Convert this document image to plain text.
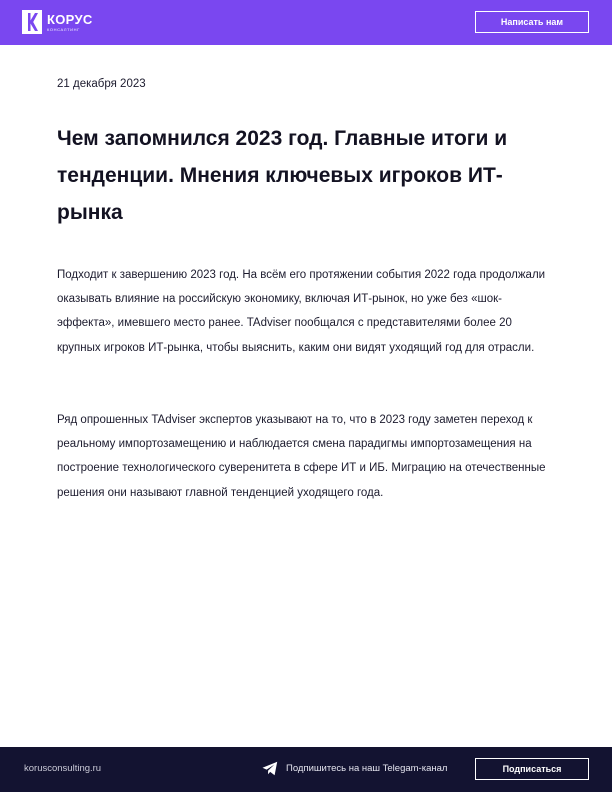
КОРУС
КОНСАЛТИНГ
Написать нам
21 декабря 2023
Чем запомнился 2023 год. Главные итоги и тенденции. Мнения ключевых игроков ИТ-рынка

Подходит к завершению 2023 год. На всём его протяжении события 2022 года продолжали оказывать влияние на российскую экономику, включая ИТ-рынок, но уже без «шок-эффекта», имевшего место ранее. TAdviser пообщался с представителями более 20 крупных игроков ИТ-рынка, чтобы выяснить, каким они видят уходящий год для отрасли.

Ряд опрошенных TAdviser экспертов указывают на то, что в 2023 году заметен переход к реальному импортозамещению и наблюдается смена парадигмы импортозамещения на построение технологического суверенитета в сфере ИТ и ИБ. Миграцию на отечественные решения они называют главной тенденцией уходящего года.

korusconsulting.ru	Подпишитесь на наш Telegam-канал	Подписаться
